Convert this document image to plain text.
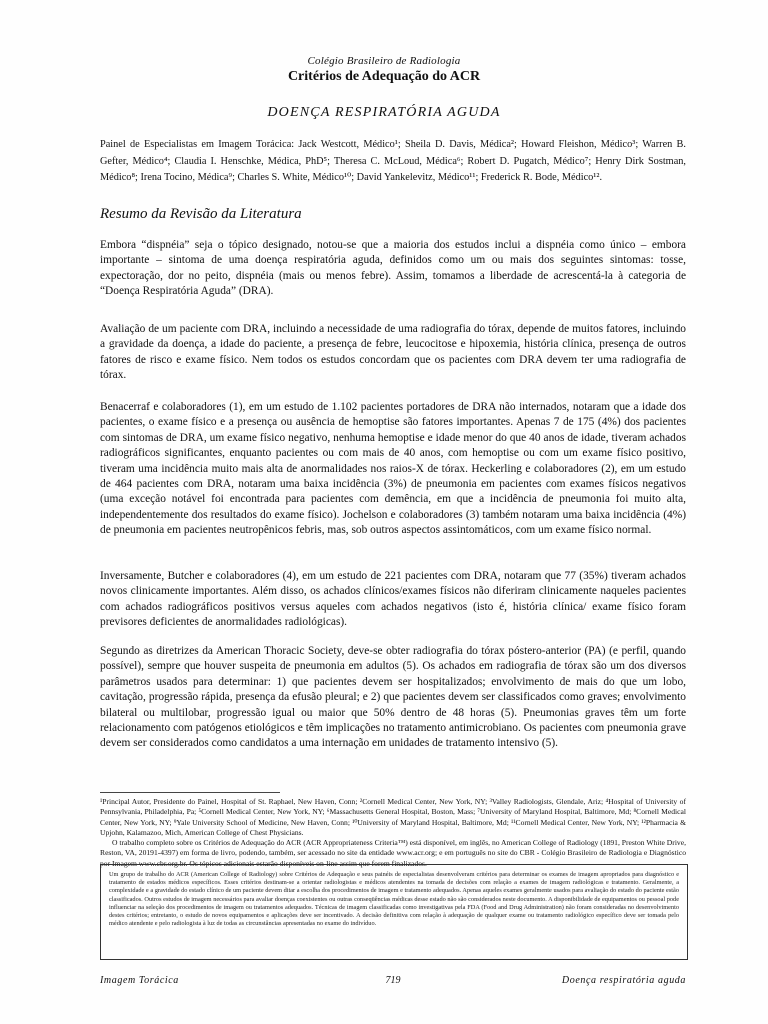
Colégio Brasileiro de Radiologia
Critérios de Adequação do ACR
DOENÇA RESPIRATÓRIA AGUDA
Painel de Especialistas em Imagem Torácica: Jack Westcott, Médico¹; Sheila D. Davis, Médica²; Howard Fleishon, Médico³; Warren B. Gefter, Médico⁴; Claudia I. Henschke, Médica, PhD⁵; Theresa C. McLoud, Médica⁶; Robert D. Pugatch, Médico⁷; Henry Dirk Sostman, Médico⁸; Irena Tocino, Médica⁹; Charles S. White, Médico¹⁰; David Yankelevitz, Médico¹¹; Frederick R. Bode, Médico¹².
Resumo da Revisão da Literatura
Embora “dispnéia” seja o tópico designado, notou-se que a maioria dos estudos inclui a dispnéia como único – embora importante – sintoma de uma doença respiratória aguda, definidos como um ou mais dos seguintes sintomas: tosse, expectoração, dor no peito, dispnéia (mais ou menos febre). Assim, tomamos a liberdade de acrescentá-la à categoria de “Doença Respiratória Aguda” (DRA).
Avaliação de um paciente com DRA, incluindo a necessidade de uma radiografia do tórax, depende de muitos fatores, incluindo a gravidade da doença, a idade do paciente, a presença de febre, leucocitose e hipoxemia, história clínica, presença de outros fatores de risco e exame físico. Nem todos os estudos concordam que os pacientes com DRA devem ter uma radiografia de tórax.
Benacerraf e colaboradores (1), em um estudo de 1.102 pacientes portadores de DRA não internados, notaram que a idade dos pacientes, o exame físico e a presença ou ausência de hemoptise são fatores importantes. Apenas 7 de 175 (4%) dos pacientes com sintomas de DRA, um exame físico negativo, nenhuma hemoptise e idade menor do que 40 anos de idade, tiveram achados radiográficos significantes, enquanto pacientes ou com mais de 40 anos, com hemoptise ou com um exame físico positivo, tiveram uma incidência muito mais alta de anormalidades nos raios-X de tórax. Heckerling e colaboradores (2), em um estudo de 464 pacientes com DRA, notaram uma baixa incidência (3%) de pneumonia em pacientes com exames físicos negativos (uma exceção notável foi encontrada para pacientes com demência, em que a incidência de pneumonia foi muito alta, independentemente dos resultados do exame físico). Jochelson e colaboradores (3) também notaram uma baixa incidência (4%) de pneumonia em pacientes neutropênicos febris, mas, sob outros aspectos assintomáticos, com um exame físico normal.
Inversamente, Butcher e colaboradores (4), em um estudo de 221 pacientes com DRA, notaram que 77 (35%) tiveram achados novos clinicamente importantes. Além disso, os achados clínicos/exames físicos não diferiram clinicamente naqueles pacientes com achados radiográficos positivos versus aqueles com achados negativos (isto é, história clínica/ exame físico foram previsores deficientes de anormalidades radiológicas).
Segundo as diretrizes da American Thoracic Society, deve-se obter radiografia do tórax póstero-anterior (PA) (e perfil, quando possível), sempre que houver suspeita de pneumonia em adultos (5). Os achados em radiografia de tórax são um dos diversos parâmetros usados para determinar: 1) que pacientes devem ser hospitalizados; envolvimento de mais do que um lobo, cavitação, progressão rápida, presença da efusão pleural; e 2) que pacientes devem ser classificados como graves; envolvimento bilateral ou multilobar, progressão igual ou maior que 50% dentro de 48 horas (5). Pneumonias graves têm um forte relacionamento com patógenos etiológicos e têm implicações no tratamento antimicrobiano. Os pacientes com pneumonia grave devem ser considerados como candidatos a uma internação em unidades de tratamento intensivo (5).
¹Principal Autor, Presidente do Painel, Hospital of St. Raphael, New Haven, Conn; ²Cornell Medical Center, New York, NY; ³Valley Radiologists, Glendale, Ariz; ⁴Hospital of University of Pennsylvania, Philadelphia, Pa; ⁵Cornell Medical Center, New York, NY; ⁶Massachusetts General Hospital, Boston, Mass; ⁷University of Maryland Hospital, Baltimore, Md; ⁸Cornell Medical Center, New York, NY; ⁹Yale University School of Medicine, New Haven, Conn; ¹⁰University of Maryland Hospital, Baltimore, Md; ¹¹Cornell Medical Center, New York, NY; ¹²Pharmacia & Upjohn, Kalamazoo, Mich, American College of Chest Physicians.
O trabalho completo sobre os Critérios de Adequação do ACR (ACR Appropriateness Criteria™) está disponível, em inglês, no American College of Radiology (1891, Preston White Drive, Reston, VA, 20191-4397) em forma de livro, podendo, também, ser acessado no site da entidade www.acr.org; e em português no site do CBR - Colégio Brasileiro de Radiologia e Diagnóstico por Imagem www.cbr.org.br. Os tópicos adicionais estarão disponíveis on-line assim que forem finalizados.
Um grupo de trabalho do ACR (American College of Radiology) sobre Critérios de Adequação e seus painéis de especialistas desenvolveram critérios para determinar os exames de imagem apropriados para diagnóstico e tratamento de estados médicos específicos. Esses critérios destinam-se a orientar radiologistas e médicos atendentes na tomada de decisões com relação a exames de imagem radiológicas e tratamento. Geralmente, a complexidade e a gravidade do estado clínico de um paciente devem ditar a escolha dos procedimentos de imagem e tratamento adequados. Apenas aqueles exames geralmente usados para avaliação do estado do paciente estão classificados. Outros estudos de imagem necessários para avaliar doenças coexistentes ou outras conseqüências médicas desse estado não são considerados neste documento. A disponibilidade de equipamentos ou pessoal pode influenciar na seleção dos procedimentos de imagem ou tratamentos adequados. Técnicas de imagem classificadas como investigativas pela FDA (Food and Drug Administration) não foram consideradas no desenvolvimento destes critérios; entretanto, o estudo de novos equipamentos e aplicações deve ser incentivado. A decisão definitiva com relação à adequação de qualquer exame ou tratamento radiológico específico deve ser tomada pelo médico atendente e pelo radiologista à luz de todas as circunstâncias apresentadas no exame do indivíduo.
Imagem Torácica	719	Doença respiratória aguda
